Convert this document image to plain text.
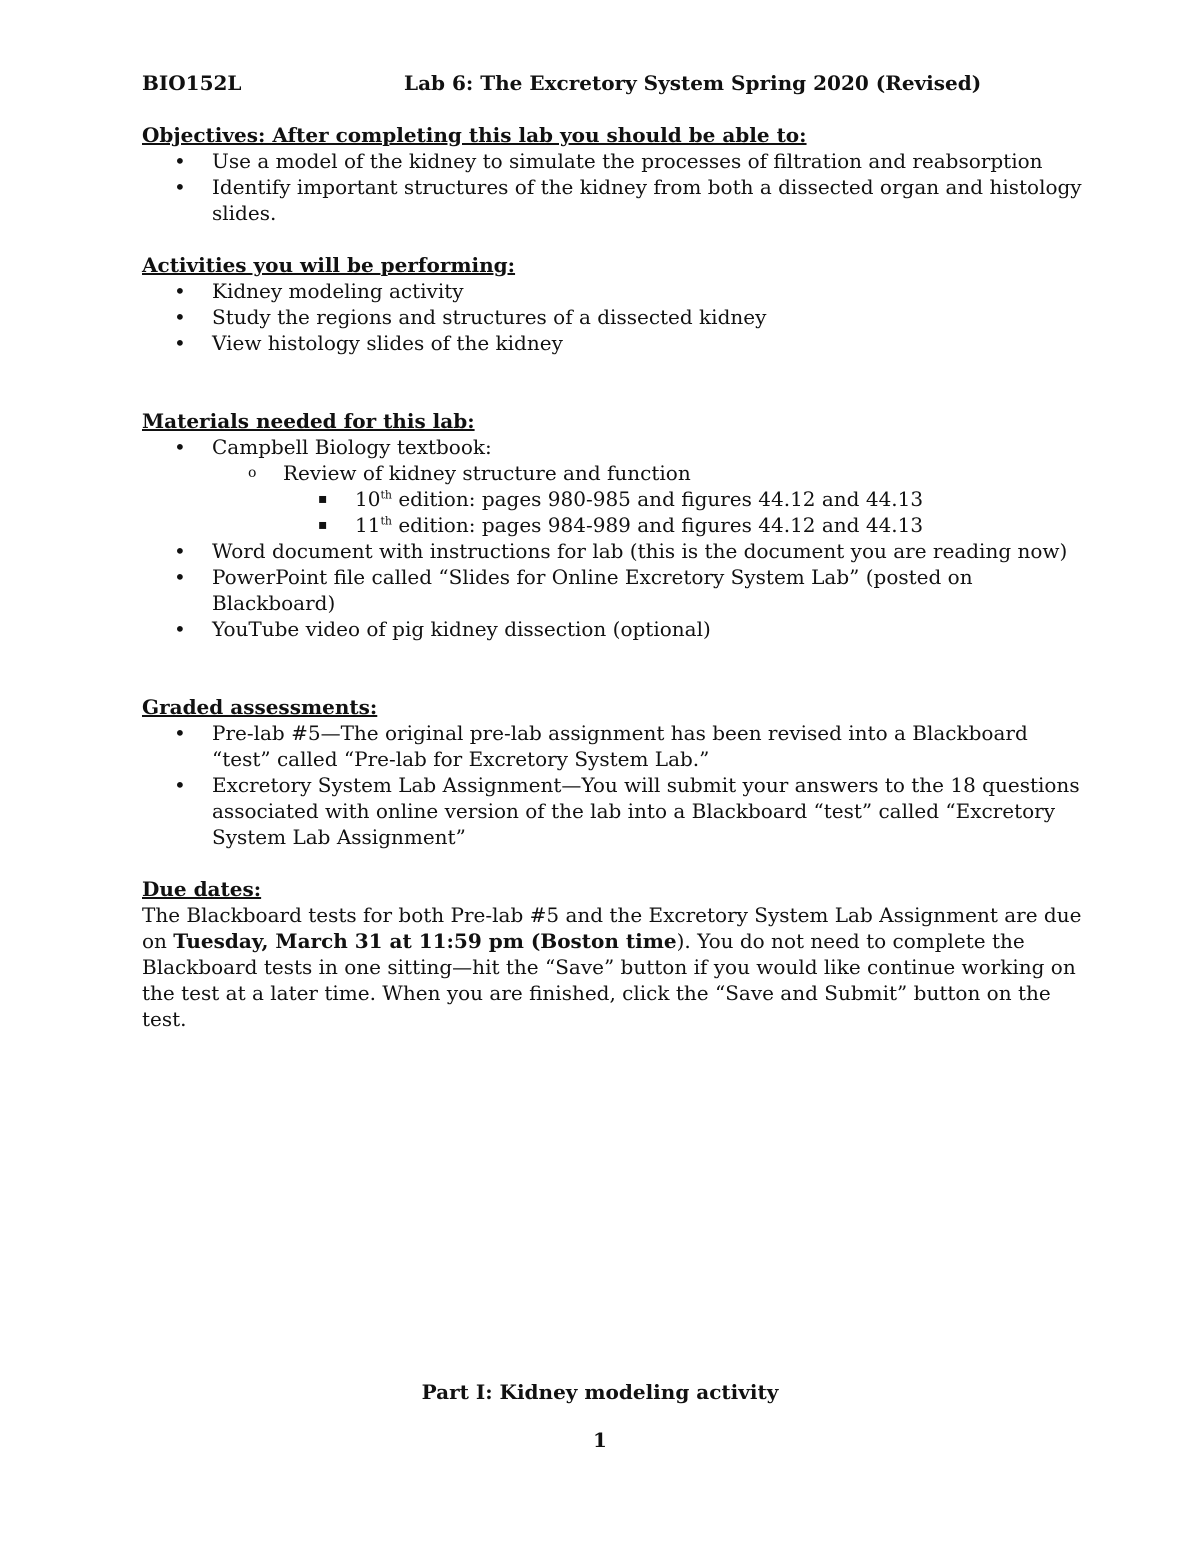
BIO152L	Lab 6: The Excretory System Spring 2020 (Revised)

Objectives: After completing this lab you should be able to:

•	Use a model of the kidney to simulate the processes of filtration and reabsorption
•	Identify important structures of the kidney from both a dissected organ and histology slides.

Activities you will be performing:

•	Kidney modeling activity
•	Study the regions and structures of a dissected kidney
•	View histology slides of the kidney

Materials needed for this lab:

•	Campbell Biology textbook:
o	Review of kidney structure and function
▪	10th edition: pages 980-985 and figures 44.12 and 44.13
▪	11th edition: pages 984-989 and figures 44.12 and 44.13
•	Word document with instructions for lab (this is the document you are reading now)
•	PowerPoint file called “Slides for Online Excretory System Lab” (posted on Blackboard)
•	YouTube video of pig kidney dissection (optional)

Graded assessments:

•	Pre-lab #5—The original pre-lab assignment has been revised into a Blackboard “test” called “Pre-lab for Excretory System Lab.”
•	Excretory System Lab Assignment—You will submit your answers to the 18 questions associated with online version of the lab into a Blackboard “test” called “Excretory System Lab Assignment”

Due dates:

The Blackboard tests for both Pre-lab #5 and the Excretory System Lab Assignment are due on Tuesday, March 31 at 11:59 pm (Boston time). You do not need to complete the Blackboard tests in one sitting—hit the “Save” button if you would like continue working on the test at a later time. When you are finished, click the “Save and Submit” button on the test.

Part I: Kidney modeling activity
1
